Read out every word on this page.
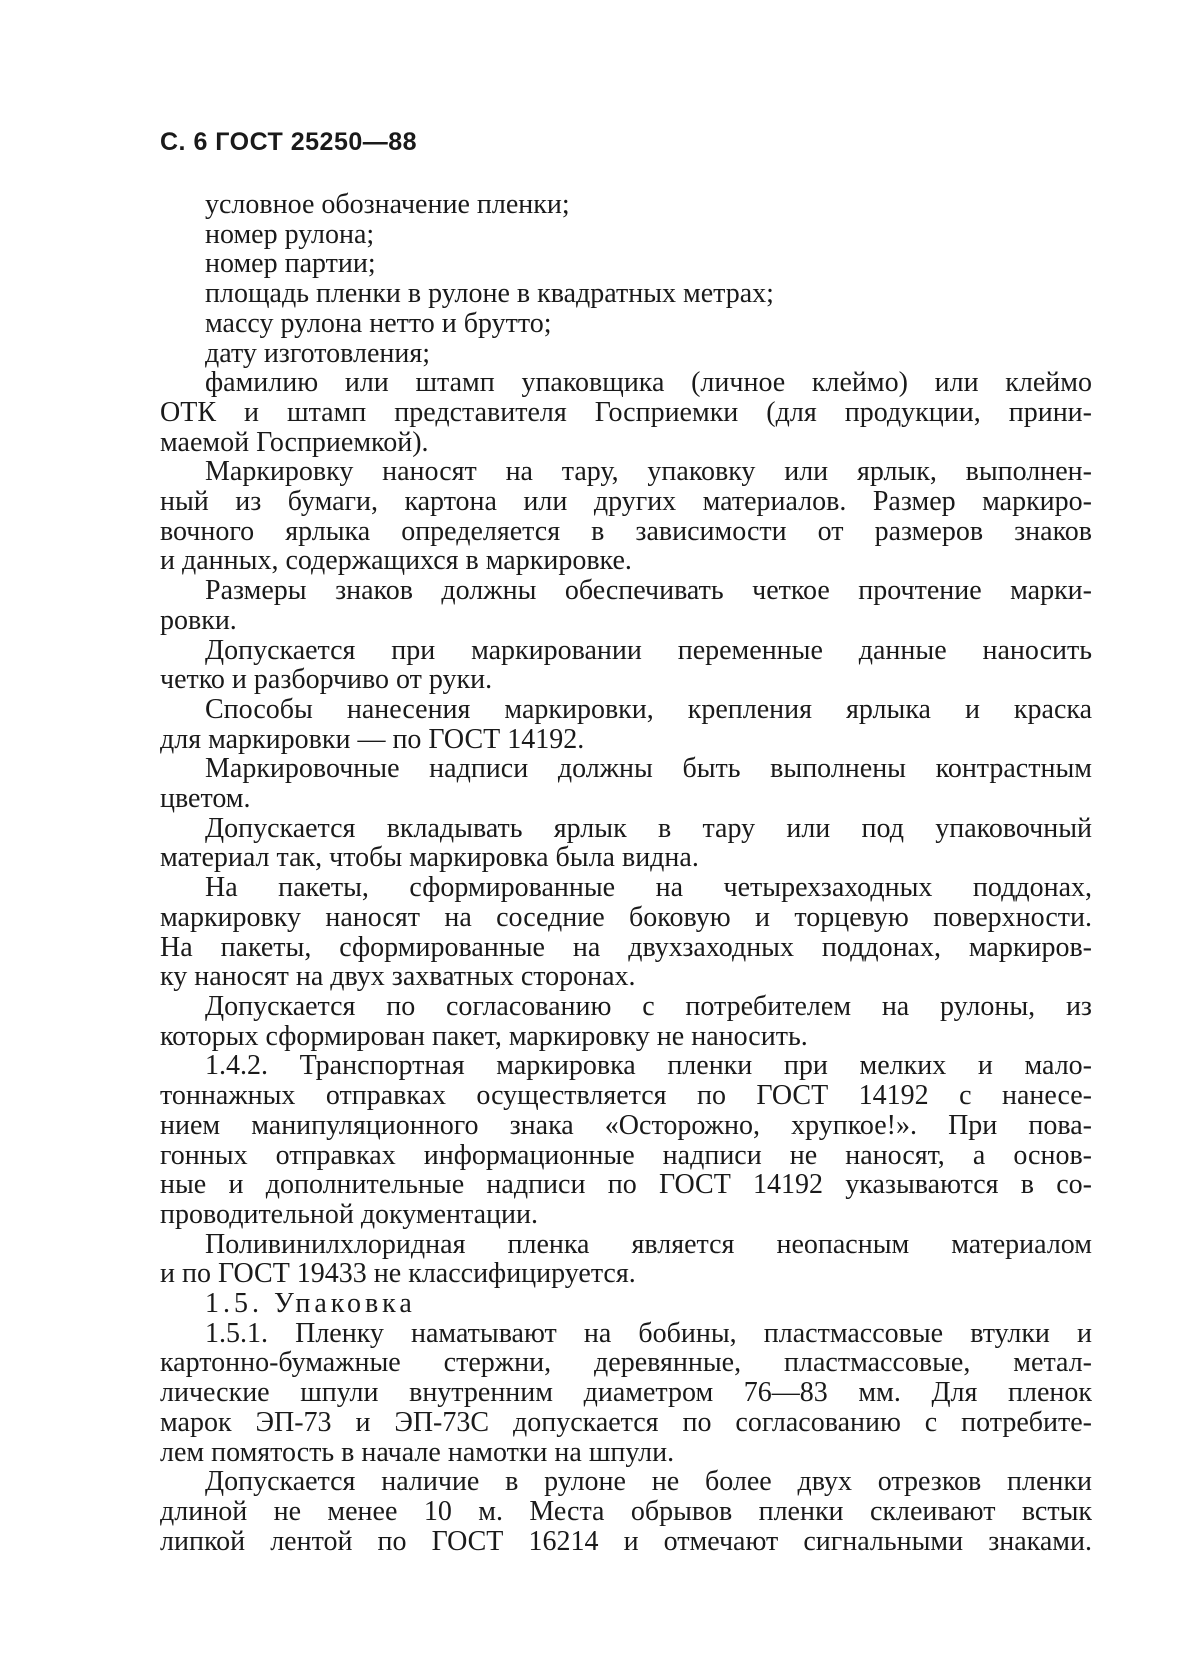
С. 6 ГОСТ 25250—88
условное обозначение пленки;
номер рулона;
номер партии;
площадь пленки в рулоне в квадратных метрах;
массу рулона нетто и брутто;
дату изготовления;
фамилию или штамп упаковщика (личное клеймо) или клеймо
ОТК и штамп представителя Госприемки (для продукции, прини-
маемой Госприемкой).
Маркировку наносят на тару, упаковку или ярлык, выполнен-
ный из бумаги, картона или других материалов. Размер маркиро-
вочного ярлыка определяется в зависимости от размеров знаков
и данных, содержащихся в маркировке.
Размеры знаков должны обеспечивать четкое прочтение марки-
ровки.
Допускается при маркировании переменные данные наносить
четко и разборчиво от руки.
Способы нанесения маркировки, крепления ярлыка и краска
для маркировки — по ГОСТ 14192.
Маркировочные надписи должны быть выполнены контрастным
цветом.
Допускается вкладывать ярлык в тару или под упаковочный
материал так, чтобы маркировка была видна.
На пакеты, сформированные на четырехзаходных поддонах,
маркировку наносят на соседние боковую и торцевую поверхности.
На пакеты, сформированные на двухзаходных поддонах, маркиров-
ку наносят на двух захватных сторонах.
Допускается по согласованию с потребителем на рулоны, из
которых сформирован пакет, маркировку не наносить.
1.4.2. Транспортная маркировка пленки при мелких и мало-
тоннажных отправках осуществляется по ГОСТ 14192 с нанесе-
нием манипуляционного знака «Осторожно, хрупкое!». При пова-
гонных отправках информационные надписи не наносят, а основ-
ные и дополнительные надписи по ГОСТ 14192 указываются в со-
проводительной документации.
Поливинилхлоридная пленка является неопасным материалом
и по ГОСТ 19433 не классифицируется.
1.5. Упаковка
1.5.1. Пленку наматывают на бобины, пластмассовые втулки и
картонно-бумажные стержни, деревянные, пластмассовые, метал-
лические шпули внутренним диаметром 76—83 мм. Для пленок
марок ЭП-73 и ЭП-73С допускается по согласованию с потребите-
лем помятость в начале намотки на шпули.
Допускается наличие в рулоне не более двух отрезков пленки
длиной не менее 10 м. Места обрывов пленки склеивают встык
липкой лентой по ГОСТ 16214 и отмечают сигнальными знаками.
